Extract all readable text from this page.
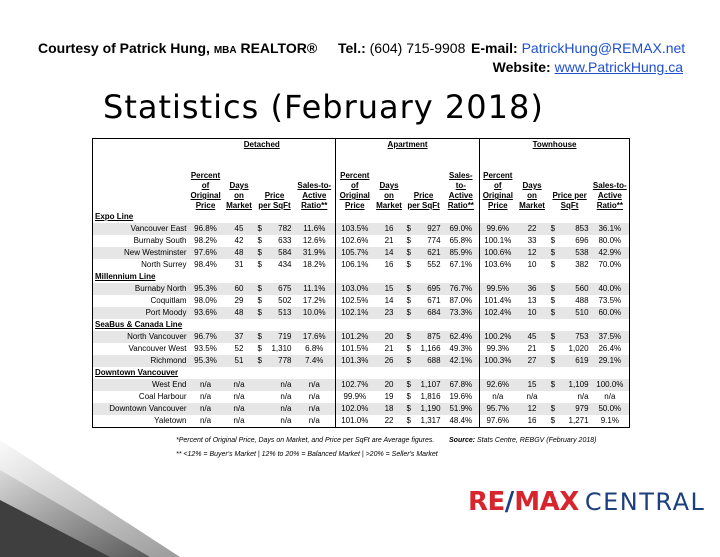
Courtesy of Patrick Hung, MBA REALTOR® Tel.: (604) 715-9908 E-mail: PatrickHung@REMAX.net
Website: www.PatrickHung.ca
Statistics (February 2018)
	Detached					Apartment					Townhouse				

	Percent of Original Price	Days on Market	Price per SqFt		Sales-to-Active Ratio**	Percent of Original Price	Days on Market	Price per SqFt		Sales-to-Active Ratio**	Percent of Original Price	Days on Market	Price per SqFt		Sales-to-Active Ratio**
Expo Line															
Vancouver East	96.8%	45	$	782	11.6%	103.5%	16	$	927	69.0%	99.6%	22	$	853	36.1%
Burnaby South	98.2%	42	$	633	12.6%	102.6%	21	$	774	65.8%	100.1%	33	$	696	80.0%
New Westminster	97.6%	48	$	584	31.9%	105.7%	14	$	621	85.9%	100.6%	12	$	538	42.9%
North Surrey	98.4%	31	$	434	18.2%	106.1%	16	$	552	67.1%	103.6%	10	$	382	70.0%
Millennium Line															
Burnaby North	95.3%	60	$	675	11.1%	103.0%	15	$	695	76.7%	99.5%	36	$	560	40.0%
Coquitlam	98.0%	29	$	502	17.2%	102.5%	14	$	671	87.0%	101.4%	13	$	488	73.5%
Port Moody	93.6%	48	$	513	10.0%	102.1%	23	$	684	73.3%	102.4%	10	$	510	60.0%
SeaBus & Canada Line															
North Vancouver	96.7%	37	$	719	17.6%	101.2%	20	$	875	62.4%	100.2%	45	$	753	37.5%
Vancouver West	93.5%	52	$	1,310	6.8%	101.5%	21	$	1,166	49.3%	99.3%	21	$	1,020	26.4%
Richmond	95.3%	51	$	778	7.4%	101.3%	26	$	688	42.1%	100.3%	27	$	619	29.1%
Downtown Vancouver															
West End	n/a	n/a		n/a	n/a	102.7%	20	$	1,107	67.8%	92.6%	15	$	1,109	100.0%
Coal Harbour	n/a	n/a		n/a	n/a	99.9%	19	$	1,816	19.6%	n/a	n/a		n/a	n/a
Downtown Vancouver	n/a	n/a		n/a	n/a	102.0%	18	$	1,190	51.9%	95.7%	12	$	979	50.0%
Yaletown	n/a	n/a		n/a	n/a	101.0%	22	$	1,317	48.4%	97.6%	16	$	1,271	9.1%
*Percent of Original Price, Days on Market, and Price per SqFt are Average figures. Source: Stats Centre, REBGV (February 2018)
** <12% = Buyer's Market | 12% to 20% = Balanced Market | >20% = Seller's Market
RE/MAX CENTRAL
